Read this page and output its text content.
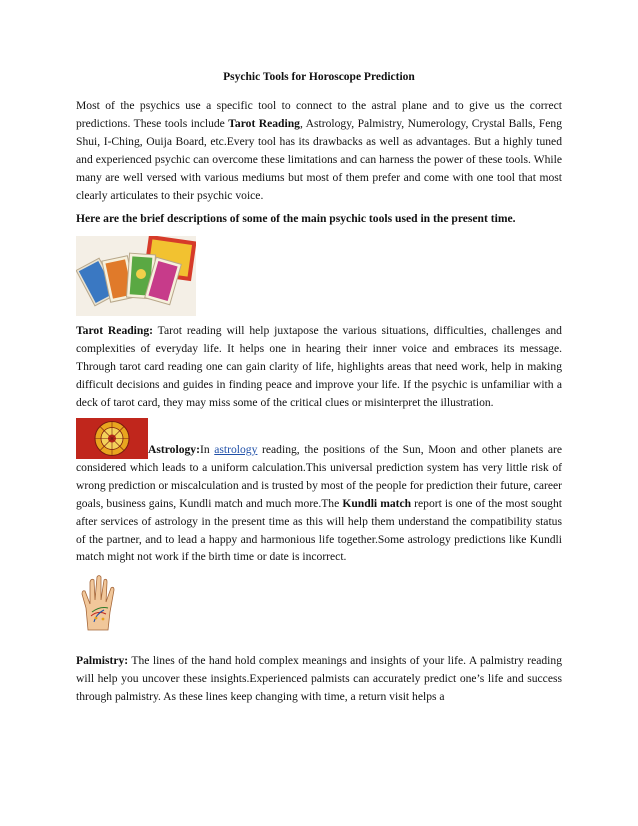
Psychic Tools for Horoscope Prediction

Most of the psychics use a specific tool to connect to the astral plane and to give us the correct predictions. These tools include Tarot Reading, Astrology, Palmistry, Numerology, Crystal Balls, Feng Shui, I-Ching, Ouija Board, etc.Every tool has its drawbacks as well as advantages. But a highly tuned and experienced psychic can overcome these limitations and can harness the power of these tools. While many are well versed with various mediums but most of them prefer and come with one tool that most clearly articulates to their psychic voice.

Here are the brief descriptions of some of the main psychic tools used in the present time.

Tarot Reading: Tarot reading will help juxtapose the various situations, difficulties, challenges and complexities of everyday life. It helps one in hearing their inner voice and embraces its message. Through tarot card reading one can gain clarity of life, highlights areas that need work, help in making difficult decisions and guides in finding peace and improve your life. If the psychic is unfamiliar with a deck of tarot card, they may miss some of the critical clues or misinterpret the illustration.

Astrology:In astrology reading, the positions of the Sun, Moon and other planets are considered which leads to a uniform calculation.This universal prediction system has very little risk of wrong prediction or miscalculation and is trusted by most of the people for prediction their future, career goals, business gains, Kundli match and much more.The Kundli match report is one of the most sought after services of astrology in the present time as this will help them understand the compatibility status of the partner, and to lead a happy and harmonious life together.Some astrology predictions like Kundli match might not work if the birth time or date is incorrect.

Palmistry: The lines of the hand hold complex meanings and insights of your life. A palmistry reading will help you uncover these insights.Experienced palmists can accurately predict one’s life and success through palmistry. As these lines keep changing with time, a return visit helps a
